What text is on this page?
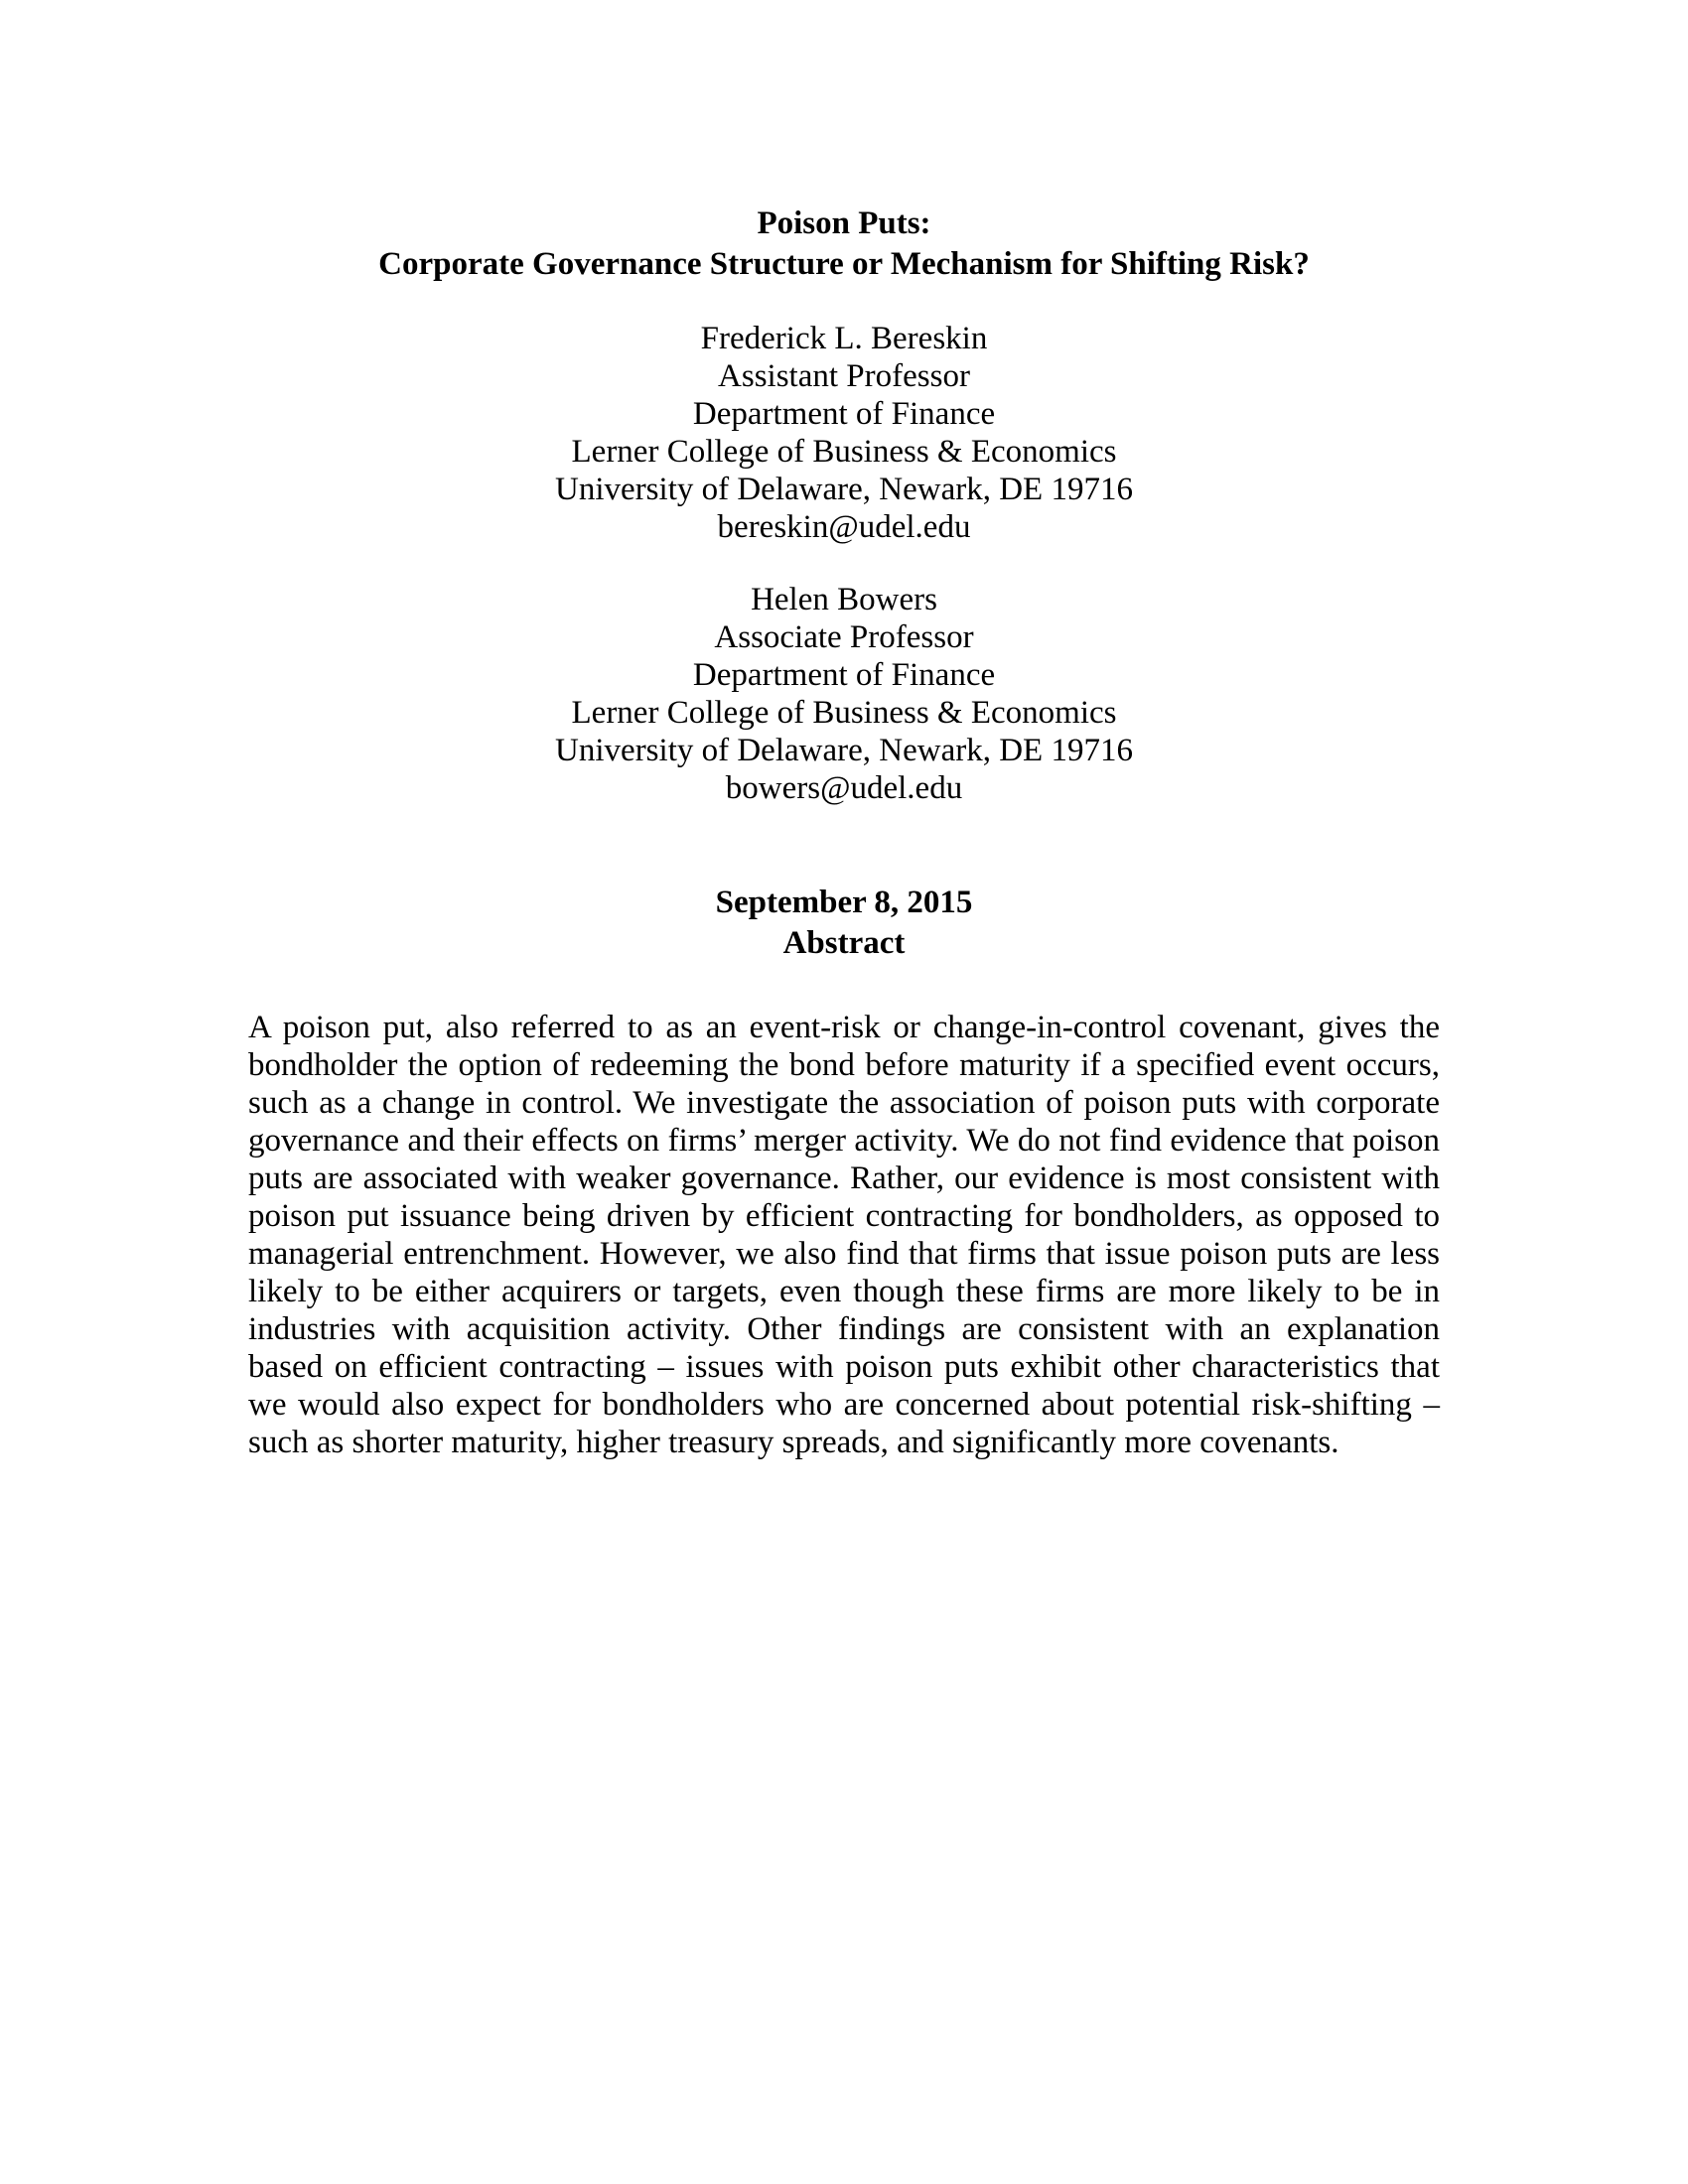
Poison Puts:
Corporate Governance Structure or Mechanism for Shifting Risk?
Frederick L. Bereskin
Assistant Professor
Department of Finance
Lerner College of Business & Economics
University of Delaware, Newark, DE 19716
bereskin@udel.edu
Helen Bowers
Associate Professor
Department of Finance
Lerner College of Business & Economics
University of Delaware, Newark, DE 19716
bowers@udel.edu
September 8, 2015
Abstract
A poison put, also referred to as an event-risk or change-in-control covenant, gives the bondholder the option of redeeming the bond before maturity if a specified event occurs, such as a change in control. We investigate the association of poison puts with corporate governance and their effects on firms’ merger activity. We do not find evidence that poison puts are associated with weaker governance. Rather, our evidence is most consistent with poison put issuance being driven by efficient contracting for bondholders, as opposed to managerial entrenchment. However, we also find that firms that issue poison puts are less likely to be either acquirers or targets, even though these firms are more likely to be in industries with acquisition activity. Other findings are consistent with an explanation based on efficient contracting – issues with poison puts exhibit other characteristics that we would also expect for bondholders who are concerned about potential risk-shifting – such as shorter maturity, higher treasury spreads, and significantly more covenants.
